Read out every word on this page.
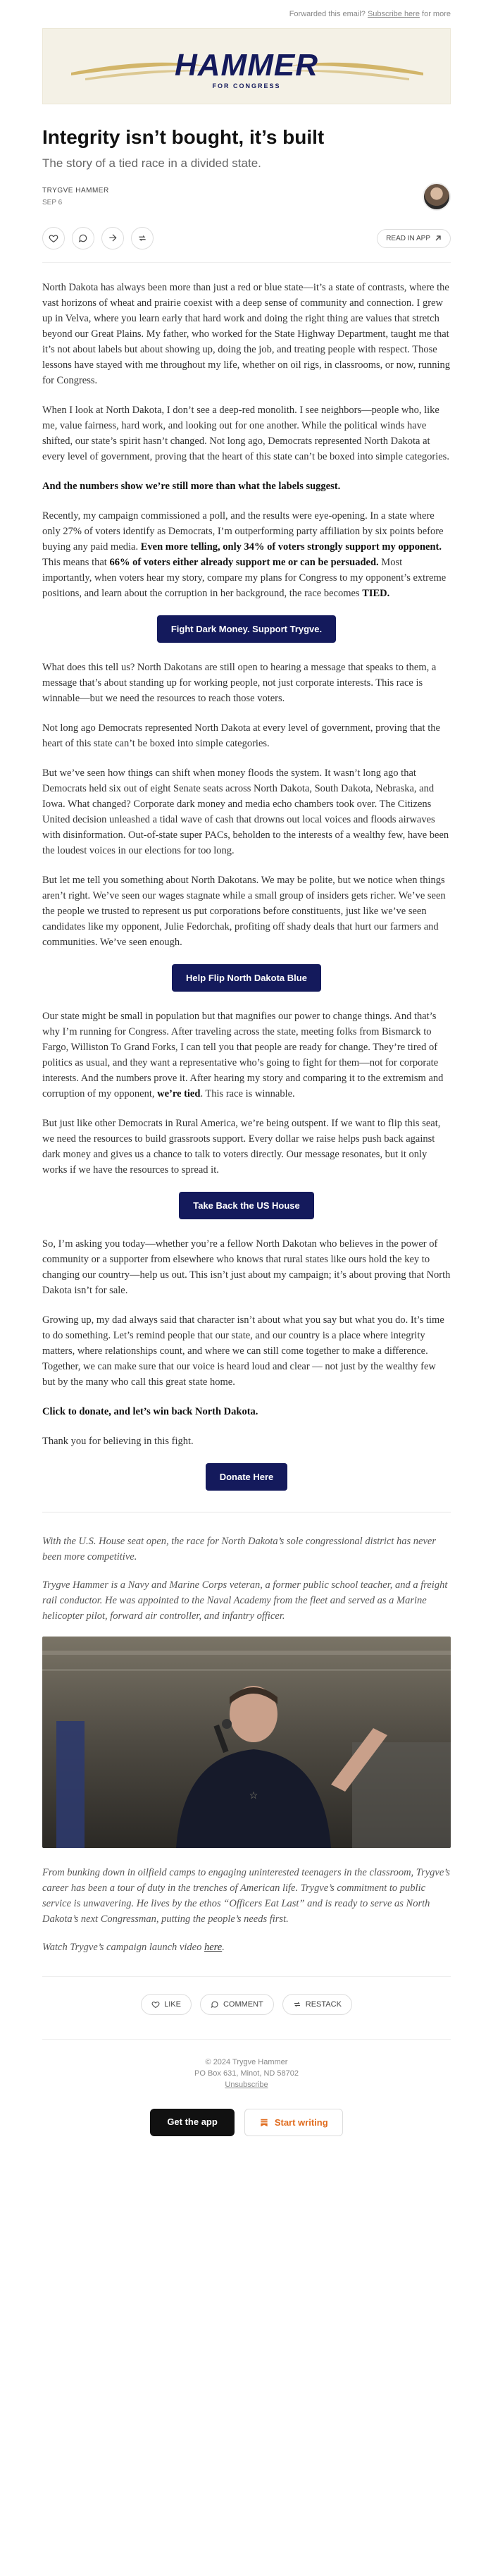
Forwarded this email? Subscribe here for more
HAMMER
FOR CONGRESS
Integrity isn’t bought, it’s built
The story of a tied race in a divided state.
TRYGVE HAMMER
SEP 6
READ IN APP

North Dakota has always been more than just a red or blue state—it’s a state of contrasts, where the vast horizons of wheat and prairie coexist with a deep sense of community and connection. I grew up in Velva, where you learn early that hard work and doing the right thing are values that stretch beyond our Great Plains. My father, who worked for the State Highway Department, taught me that it’s not about labels but about showing up, doing the job, and treating people with respect. Those lessons have stayed with me throughout my life, whether on oil rigs, in classrooms, or now, running for Congress.

When I look at North Dakota, I don’t see a deep-red monolith. I see neighbors—people who, like me, value fairness, hard work, and looking out for one another. While the political winds have shifted, our state’s spirit hasn’t changed. Not long ago, Democrats represented North Dakota at every level of government, proving that the heart of this state can’t be boxed into simple categories.

And the numbers show we’re still more than what the labels suggest.

Recently, my campaign commissioned a poll, and the results were eye-opening. In a state where only 27% of voters identify as Democrats, I’m outperforming party affiliation by six points before buying any paid media. Even more telling, only 34% of voters strongly support my opponent. This means that 66% of voters either already support me or can be persuaded. Most importantly, when voters hear my story, compare my plans for Congress to my opponent’s extreme positions, and learn about the corruption in her background, the race becomes TIED.

Fight Dark Money. Support Trygve.

What does this tell us? North Dakotans are still open to hearing a message that speaks to them, a message that’s about standing up for working people, not just corporate interests. This race is winnable—but we need the resources to reach those voters.

Not long ago Democrats represented North Dakota at every level of government, proving that the heart of this state can’t be boxed into simple categories.

But we’ve seen how things can shift when money floods the system. It wasn’t long ago that Democrats held six out of eight Senate seats across North Dakota, South Dakota, Nebraska, and Iowa. What changed? Corporate dark money and media echo chambers took over. The Citizens United decision unleashed a tidal wave of cash that drowns out local voices and floods airwaves with disinformation. Out-of-state super PACs, beholden to the interests of a wealthy few, have been the loudest voices in our elections for too long.

But let me tell you something about North Dakotans. We may be polite, but we notice when things aren’t right. We’ve seen our wages stagnate while a small group of insiders gets richer. We’ve seen the people we trusted to represent us put corporations before constituents, just like we’ve seen candidates like my opponent, Julie Fedorchak, profiting off shady deals that hurt our farmers and communities. We’ve seen enough.

Help Flip North Dakota Blue

Our state might be small in population but that magnifies our power to change things. And that’s why I’m running for Congress. After traveling across the state, meeting folks from Bismarck to Fargo, Williston To Grand Forks, I can tell you that people are ready for change. They’re tired of politics as usual, and they want a representative who’s going to fight for them—not for corporate interests. And the numbers prove it. After hearing my story and comparing it to the extremism and corruption of my opponent, we’re tied. This race is winnable.

But just like other Democrats in Rural America, we’re being outspent. If we want to flip this seat, we need the resources to build grassroots support. Every dollar we raise helps push back against dark money and gives us a chance to talk to voters directly. Our message resonates, but it only works if we have the resources to spread it.

Take Back the US House

So, I’m asking you today—whether you’re a fellow North Dakotan who believes in the power of community or a supporter from elsewhere who knows that rural states like ours hold the key to changing our country—help us out. This isn’t just about my campaign; it’s about proving that North Dakota isn’t for sale.

Growing up, my dad always said that character isn’t about what you say but what you do. It’s time to do something. Let’s remind people that our state, and our country is a place where integrity matters, where relationships count, and where we can still come together to make a difference. Together, we can make sure that our voice is heard loud and clear — not just by the wealthy few but by the many who call this great state home.

Click to donate, and let’s win back North Dakota.

Thank you for believing in this fight.

Donate Here

With the U.S. House seat open, the race for North Dakota’s sole congressional district has never been more competitive.

Trygve Hammer is a Navy and Marine Corps veteran, a former public school teacher, and a freight rail conductor. He was appointed to the Naval Academy from the fleet and served as a Marine helicopter pilot, forward air controller, and infantry officer.

☆

From bunking down in oilfield camps to engaging uninterested teenagers in the classroom, Trygve’s career has been a tour of duty in the trenches of American life. Trygve’s commitment to public service is unwavering. He lives by the ethos “Officers Eat Last” and is ready to serve as North Dakota’s next Congressman, putting the people’s needs first.

Watch Trygve’s campaign launch video here.

LIKE	COMMENT	RESTACK
© 2024 Trygve Hammer
PO Box 631, Minot, ND 58702
Unsubscribe
Get the app	Start writing
